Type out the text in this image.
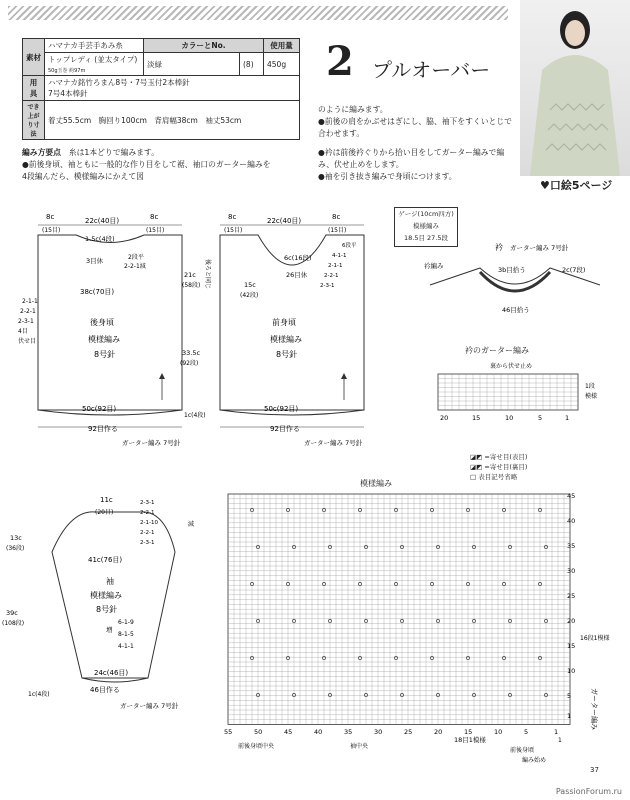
素材	ハマナカ手芸手あみ糸	カラーとNo.		使用量
	トップレディ (並太タイプ) 50g玉巻 約97m	淡緑	(8)	450g
用　具	ハマナカ銘竹ろまん8号・7号玉付2本棒針
7号4本棒針			

でき上がり寸法	着丈55.5cm　胸回り100cm　背肩幅38cm　袖丈53cm			
2 プルオーバー
♥口絵5ページ
のように編みます。
●前後の肩をかぶせはぎにし、脇、袖下をすくいとじで合わせます。
編み方要点　 糸は1本どりで編みます。
●前後身頃、袖ともに一般的な作り目をして裾、袖口のガーター編みを4段編んだら、模様編みにかえて図
●衿は前後衿ぐりから拾い目をしてガーター編みで編み、伏せ止めをします。
●袖を引き抜き編みで身頃につけます。
8c
(15目)
22c(40目)	8c
(15目)
1.5c(4段)
3目休	2段平
2-2-1減
38c(70目)
2-1-1
2-2-1
2-3-1
4目
伏せ目
後身頃
模様編み
8号針
50c(92目)
92目作る
ガーター編み 7号針
8c
(15目)
22c(40目)	8c
(15目)
6c(16段)
26目休
6段平
4-1-1
2-1-1
2-2-1
2-3-1
後ろと同じ
21c
(58段)	15c
(42段)
33.5c
(92段)
1c(4段)
前身頃
模様編み
8号針
50c(92目)
92目作る
ガーター編み 7号針
ゲージ(10cm四方)
模様編み
18.5目 27.5段
衿 ガーター編み 7号針
衿編み	3b目拾う	2c(7段)
46目拾う
衿のガーター編み
裏から伏せ止め
20	15	10	5	1
1段
模様
11c
(20目)
2-3-1
2-2-1
2-1-10
2-2-1
2-3-1
減
13c
(36段)
41c(76目)
袖
模様編み
8号針
増
6-1-9
8-1-5
4-1-1
39c
(108段)
1c(4段)
24c(46目)
46目作る
ガーター編み 7号針
模様編み
◪◩ =寄せ目(表目)
◪◩ =寄せ目(裏目)
□ 表目記号省略
45
40
35
30
25
20
15
10
5
1
16段1模様
ガーター編み
55	50	45	40	35	30	25	20	15	10	5	1
前後身頃中央	袖中央
18目1模様
前後身頃
編み始め
1
37
PassionForum.ru
